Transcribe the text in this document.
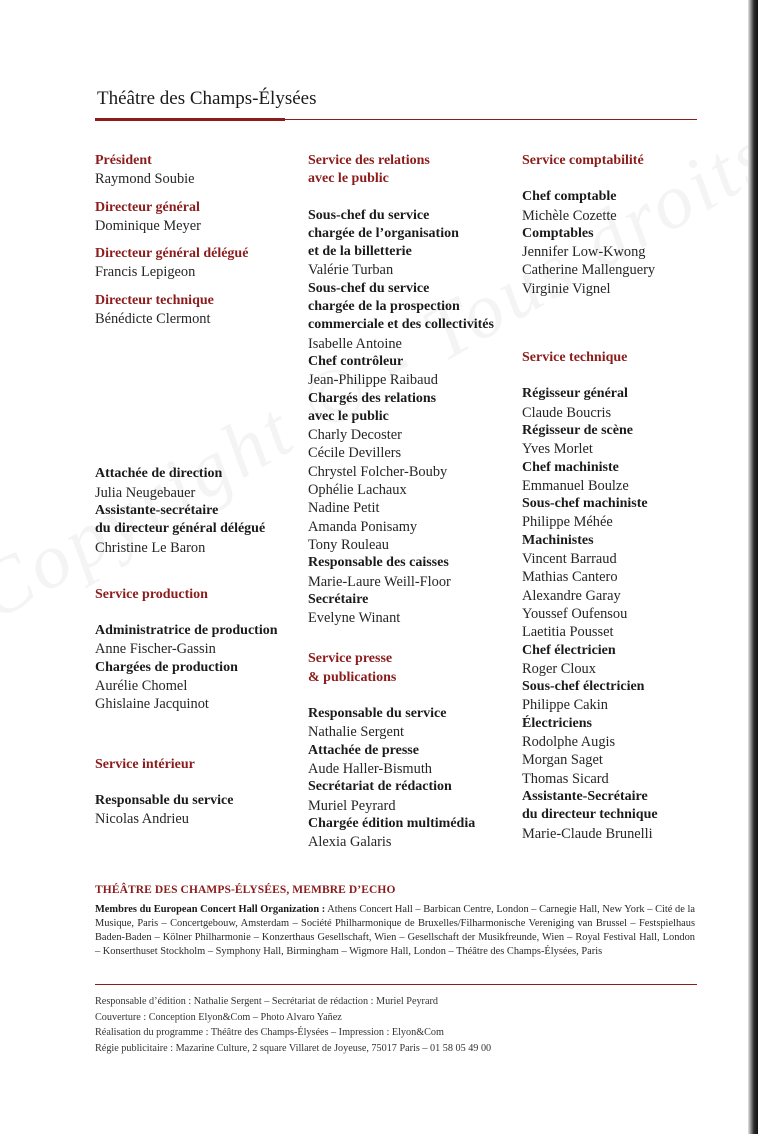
Théâtre des Champs-Élysées
Président
Raymond Soubie
Directeur général
Dominique Meyer
Directeur général délégué
Francis Lepigeon
Directeur technique
Bénédicte Clermont
Attachée de direction
Julia Neugebauer
Assistante-secrétaire
du directeur général délégué
Christine Le Baron
Service production
Administratrice de production
Anne Fischer-Gassin
Chargées de production
Aurélie Chomel
Ghislaine Jacquinot
Service intérieur
Responsable du service
Nicolas Andrieu
Service des relations
avec le public
Sous-chef du service
chargée de l’organisation
et de la billetterie
Valérie Turban
Sous-chef du service
chargée de la prospection
commerciale et des collectivités
Isabelle Antoine
Chef contrôleur
Jean-Philippe Raibaud
Chargés des relations
avec le public
Charly Decoster
Cécile Devillers
Chrystel Folcher-Bouby
Ophélie Lachaux
Nadine Petit
Amanda Ponisamy
Tony Rouleau
Responsable des caisses
Marie-Laure Weill-Floor
Secrétaire
Evelyne Winant
Service presse
& publications
Responsable du service
Nathalie Sergent
Attachée de presse
Aude Haller-Bismuth
Secrétariat de rédaction
Muriel Peyrard
Chargée édition multimédia
Alexia Galaris
Service comptabilité
Chef comptable
Michèle Cozette
Comptables
Jennifer Low-Kwong
Catherine Mallenguery
Virginie Vignel
Service technique
Régisseur général
Claude Boucris
Régisseur de scène
Yves Morlet
Chef machiniste
Emmanuel Boulze
Sous-chef machiniste
Philippe Méhée
Machinistes
Vincent Barraud
Mathias Cantero
Alexandre Garay
Youssef Oufensou
Laetitia Pousset
Chef électricien
Roger Cloux
Sous-chef électricien
Philippe Cakin
Électriciens
Rodolphe Augis
Morgan Saget
Thomas Sicard
Assistante-Secrétaire
du directeur technique
Marie-Claude Brunelli
THÉÂTRE DES CHAMPS-ÉLYSÉES, MEMBRE D’ECHO
Membres du European Concert Hall Organization : Athens Concert Hall – Barbican Centre, London – Carnegie Hall, New York – Cité de la Musique, Paris – Concertgebouw, Amsterdam – Société Philharmonique de Bruxelles/Filharmonische Vereniging van Brussel – Festspielhaus Baden-Baden – Kölner Philharmonie – Konzerthaus Gesellschaft, Wien – Gesellschaft der Musikfreunde, Wien – Royal Festival Hall, London – Konserthuset Stockholm – Symphony Hall, Birmingham – Wigmore Hall, London – Théâtre des Champs-Élysées, Paris
Responsable d’édition : Nathalie Sergent – Secrétariat de rédaction : Muriel Peyrard
Couverture : Conception Elyon&Com – Photo Alvaro Yañez
Réalisation du programme : Théâtre des Champs-Élysées – Impression : Elyon&Com
Régie publicitaire : Mazarine Culture, 2 square Villaret de Joyeuse, 75017 Paris – 01 58 05 49 00
